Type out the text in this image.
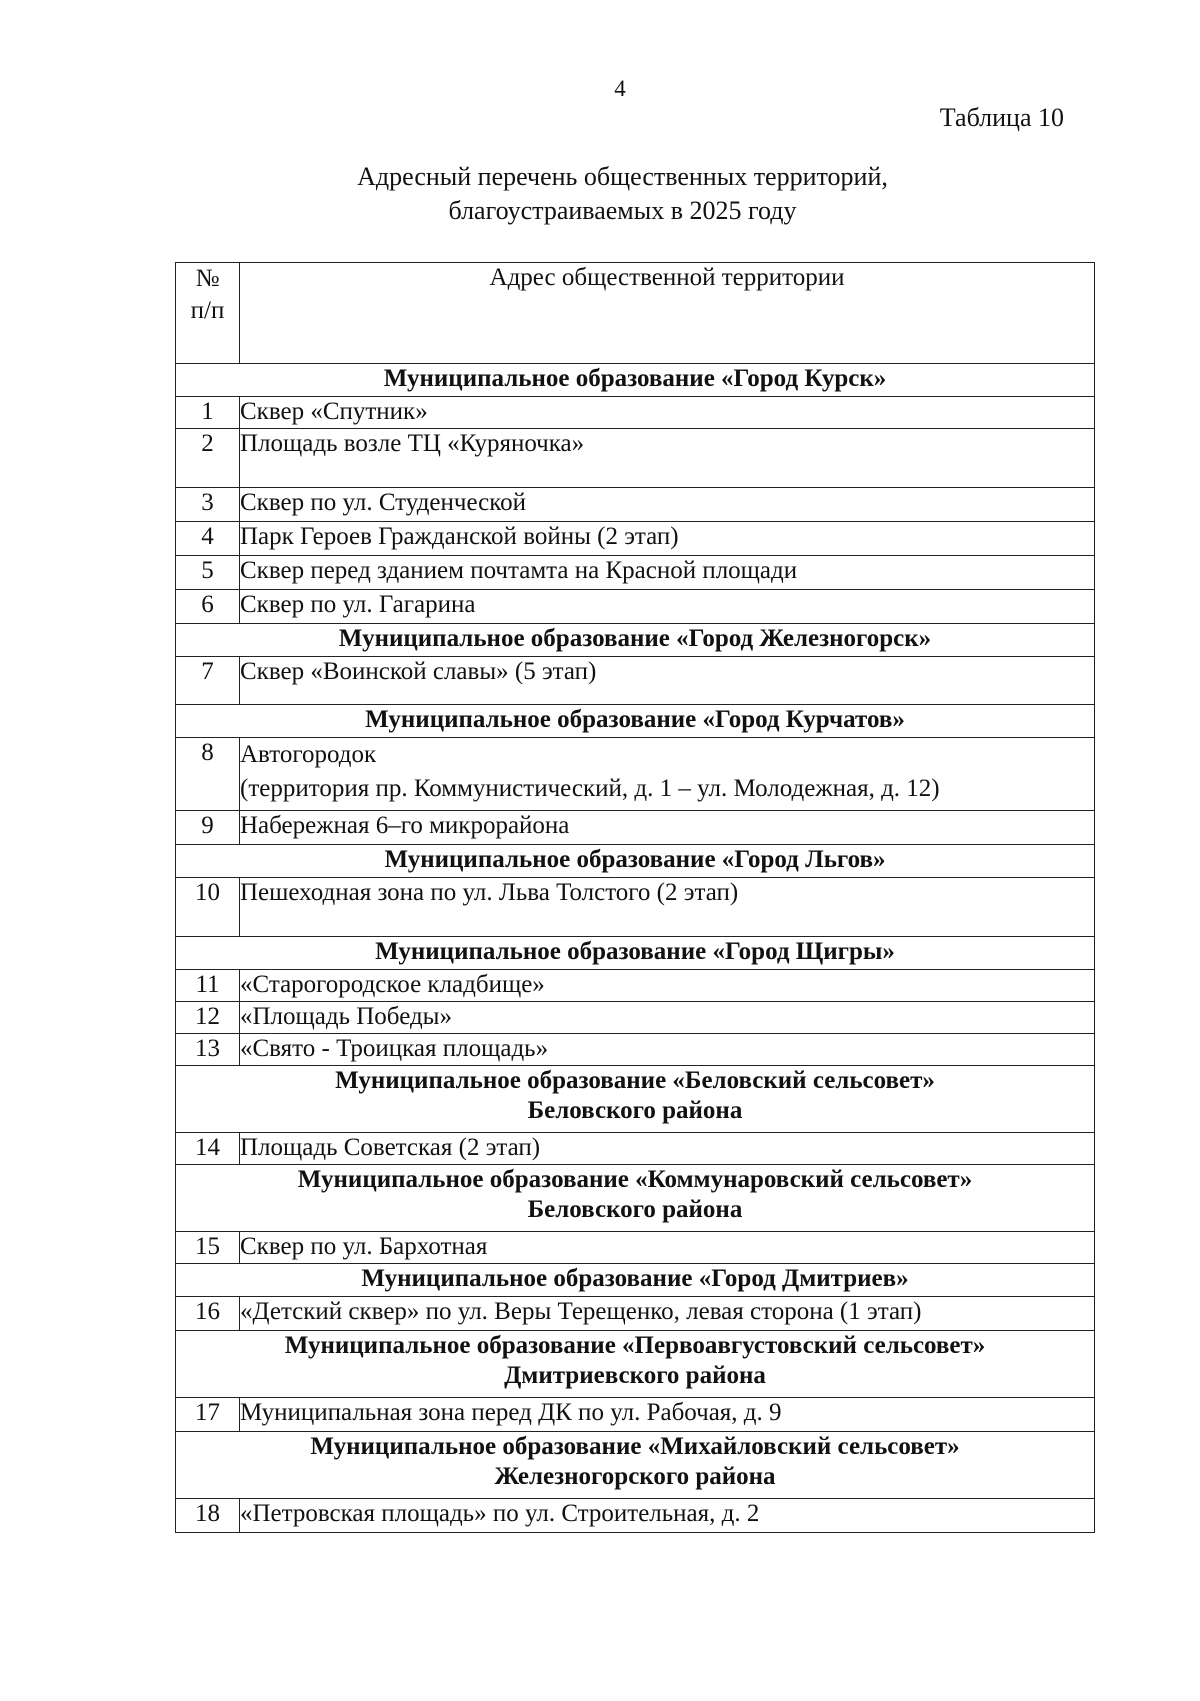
4
Таблица 10
Адресный перечень общественных территорий,
благоустраиваемых в 2025 году
№
п/п	Адрес общественной территории
Муниципальное образование «Город Курск»	
1	Сквер «Спутник»
2	Площадь возле ТЦ «Куряночка»
3	Сквер по ул. Студенческой
4	Парк Героев Гражданской войны (2 этап)
5	Сквер перед зданием почтамта на Красной площади
6	Сквер по ул. Гагарина
Муниципальное образование «Город Железногорск»	
7	Сквер «Воинской славы» (5 этап)
Муниципальное образование «Город Курчатов»	
8	Автогородок
(территория пр. Коммунистический, д. 1 – ул. Молодежная, д. 12)

9	Набережная 6–го микрорайона
Муниципальное образование «Город Льгов»	
10	Пешеходная зона по ул. Льва Толстого (2 этап)
Муниципальное образование «Город Щигры»	
11	«Старогородское кладбище»
12	«Площадь Победы»
13	«Свято - Троицкая площадь»

Муниципальное образование «Беловский сельсовет»
Беловского района	

14	Площадь Советская (2 этап)

Муниципальное образование «Коммунаровский сельсовет»
Беловского района	

15	Сквер по ул. Бархотная
Муниципальное образование «Город Дмитриев»	
16	«Детский сквер» по ул. Веры Терещенко, левая сторона (1 этап)

Муниципальное образование «Первоавгустовский сельсовет»
Дмитриевского района	

17	Муниципальная зона перед ДК по ул. Рабочая, д. 9

Муниципальное образование «Михайловский сельсовет»
Железногорского района	

18	«Петровская площадь» по ул. Строительная, д. 2
